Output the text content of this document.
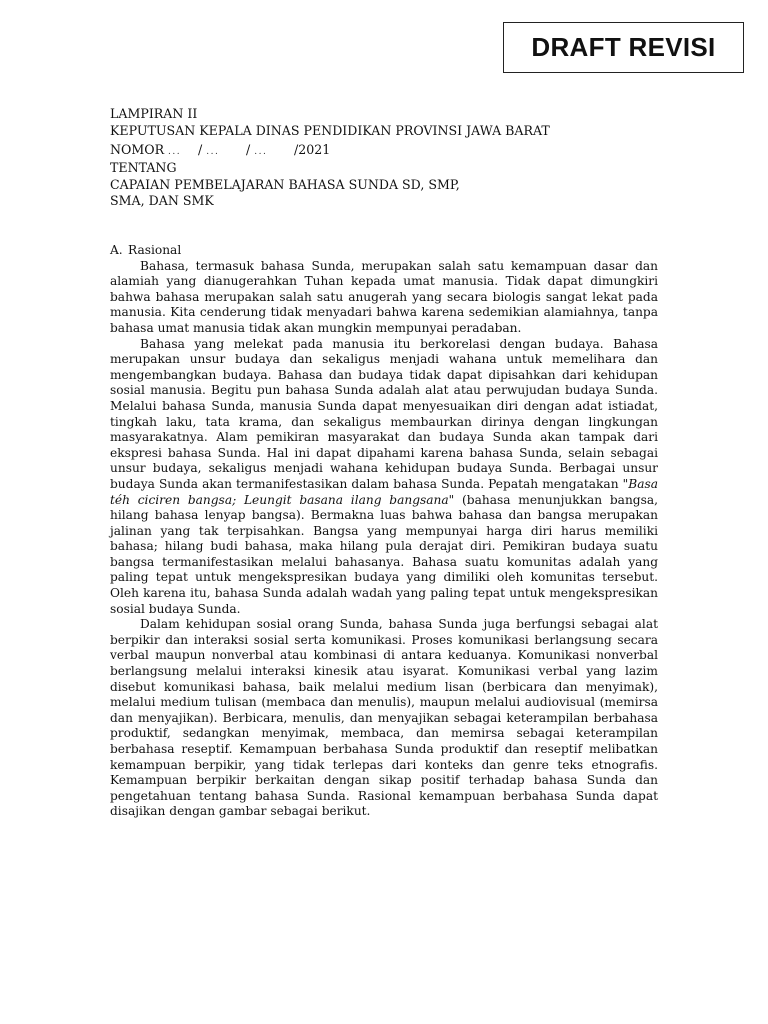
DRAFT REVISI
LAMPIRAN II
KEPUTUSAN KEPALA DINAS PENDIDIKAN PROVINSI JAWA BARAT
NOMOR ... / ... / ... /2021
TENTANG
CAPAIAN PEMBELAJARAN BAHASA SUNDA SD, SMP,
SMA, DAN SMK

A. Rasional

Bahasa, termasuk bahasa Sunda, merupakan salah satu kemampuan dasar dan alamiah yang dianugerahkan Tuhan kepada umat manusia. Tidak dapat dimungkiri bahwa bahasa merupakan salah satu anugerah yang secara biologis sangat lekat pada manusia. Kita cenderung tidak menyadari bahwa karena sedemikian alamiahnya, tanpa bahasa umat manusia tidak akan mungkin mempunyai peradaban.

Bahasa yang melekat pada manusia itu berkorelasi dengan budaya. Bahasa merupakan unsur budaya dan sekaligus menjadi wahana untuk memelihara dan mengembangkan budaya. Bahasa dan budaya tidak dapat dipisahkan dari kehidupan sosial manusia. Begitu pun bahasa Sunda adalah alat atau perwujudan budaya Sunda. Melalui bahasa Sunda, manusia Sunda dapat menyesuaikan diri dengan adat istiadat, tingkah laku, tata krama, dan sekaligus membaurkan dirinya dengan lingkungan masyarakatnya. Alam pemikiran masyarakat dan budaya Sunda akan tampak dari ekspresi bahasa Sunda. Hal ini dapat dipahami karena bahasa Sunda, selain sebagai unsur budaya, sekaligus menjadi wahana kehidupan budaya Sunda. Berbagai unsur budaya Sunda akan termanifestasikan dalam bahasa Sunda. Pepatah mengatakan "Basa téh ciciren bangsa; Leungit basana ilang bangsana" (bahasa menunjukkan bangsa, hilang bahasa lenyap bangsa). Bermakna luas bahwa bahasa dan bangsa merupakan jalinan yang tak terpisahkan. Bangsa yang mempunyai harga diri harus memiliki bahasa; hilang budi bahasa, maka hilang pula derajat diri. Pemikiran budaya suatu bangsa termanifestasikan melalui bahasanya. Bahasa suatu komunitas adalah yang paling tepat untuk mengekspresikan budaya yang dimiliki oleh komunitas tersebut. Oleh karena itu, bahasa Sunda adalah wadah yang paling tepat untuk mengekspresikan sosial budaya Sunda.

Dalam kehidupan sosial orang Sunda, bahasa Sunda juga berfungsi sebagai alat berpikir dan interaksi sosial serta komunikasi. Proses komunikasi berlangsung secara verbal maupun nonverbal atau kombinasi di antara keduanya. Komunikasi nonverbal berlangsung melalui interaksi kinesik atau isyarat. Komunikasi verbal yang lazim disebut komunikasi bahasa, baik melalui medium lisan (berbicara dan menyimak), melalui medium tulisan (membaca dan menulis), maupun melalui audiovisual (memirsa dan menyajikan). Berbicara, menulis, dan menyajikan sebagai keterampilan berbahasa produktif, sedangkan menyimak, membaca, dan memirsa sebagai keterampilan berbahasa reseptif. Kemampuan berbahasa Sunda produktif dan reseptif melibatkan kemampuan berpikir, yang tidak terlepas dari konteks dan genre teks etnografis. Kemampuan berpikir berkaitan dengan sikap positif terhadap bahasa Sunda dan pengetahuan tentang bahasa Sunda. Rasional kemampuan berbahasa Sunda dapat disajikan dengan gambar sebagai berikut.
